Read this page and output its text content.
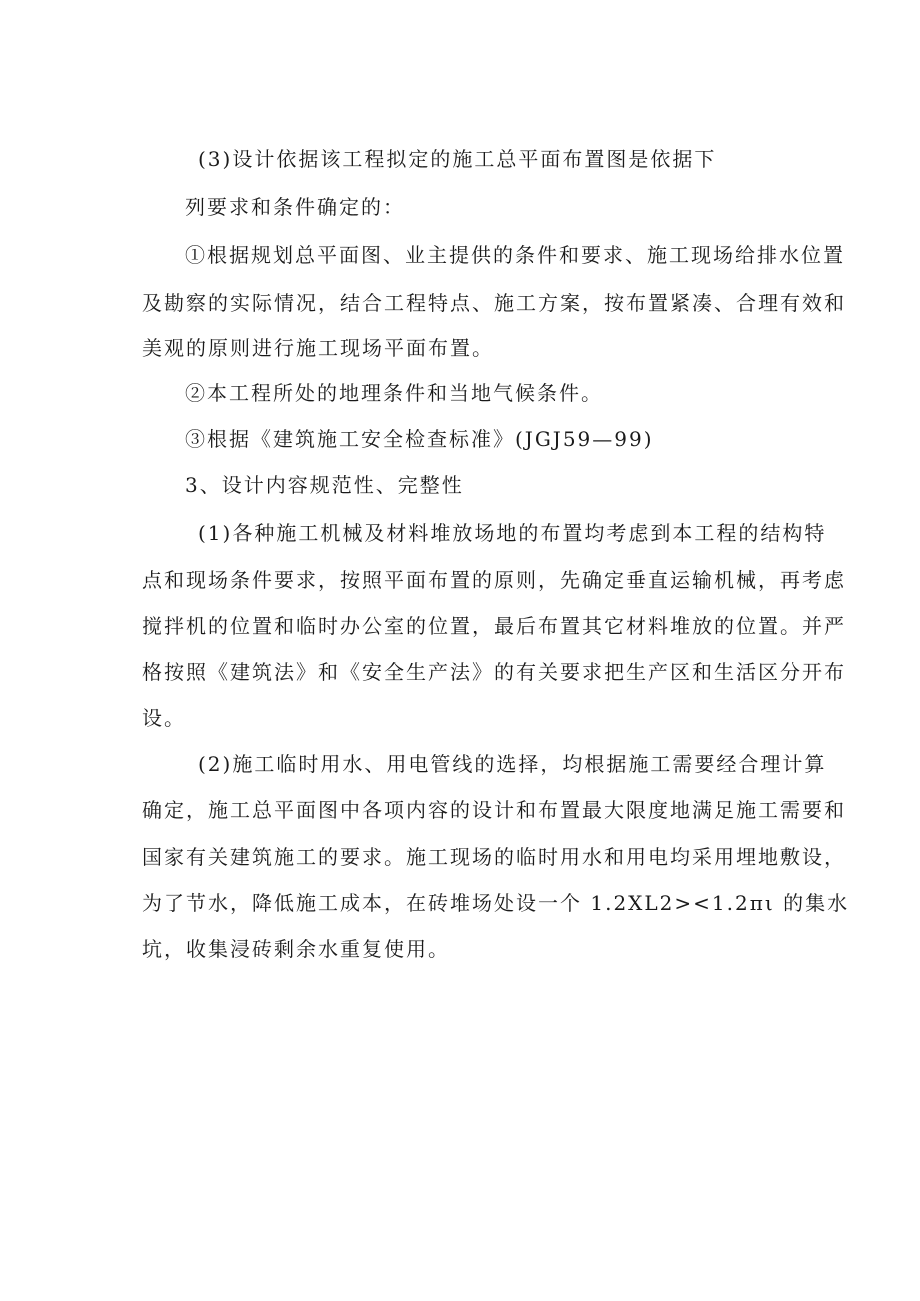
(3)设计依据该工程拟定的施工总平面布置图是依据下

列要求和条件确定的：

①根据规划总平面图、业主提供的条件和要求、施工现场给排水位置

及勘察的实际情况，结合工程特点、施工方案，按布置紧凑、合理有效和

美观的原则进行施工现场平面布置。

②本工程所处的地理条件和当地气候条件。

③根据《建筑施工安全检查标准》(JGJ59—99)

3、设计内容规范性、完整性

(1)各种施工机械及材料堆放场地的布置均考虑到本工程的结构特

点和现场条件要求，按照平面布置的原则，先确定垂直运输机械，再考虑

搅拌机的位置和临时办公室的位置，最后布置其它材料堆放的位置。并严

格按照《建筑法》和《安全生产法》的有关要求把生产区和生活区分开布

设。

(2)施工临时用水、用电管线的选择，均根据施工需要经合理计算

确定，施工总平面图中各项内容的设计和布置最大限度地满足施工需要和

国家有关建筑施工的要求。施工现场的临时用水和用电均采用埋地敷设，

为了节水，降低施工成本，在砖堆场处设一个 1.2XL2><1.2πι 的集水

坑，收集浸砖剩余水重复使用。
